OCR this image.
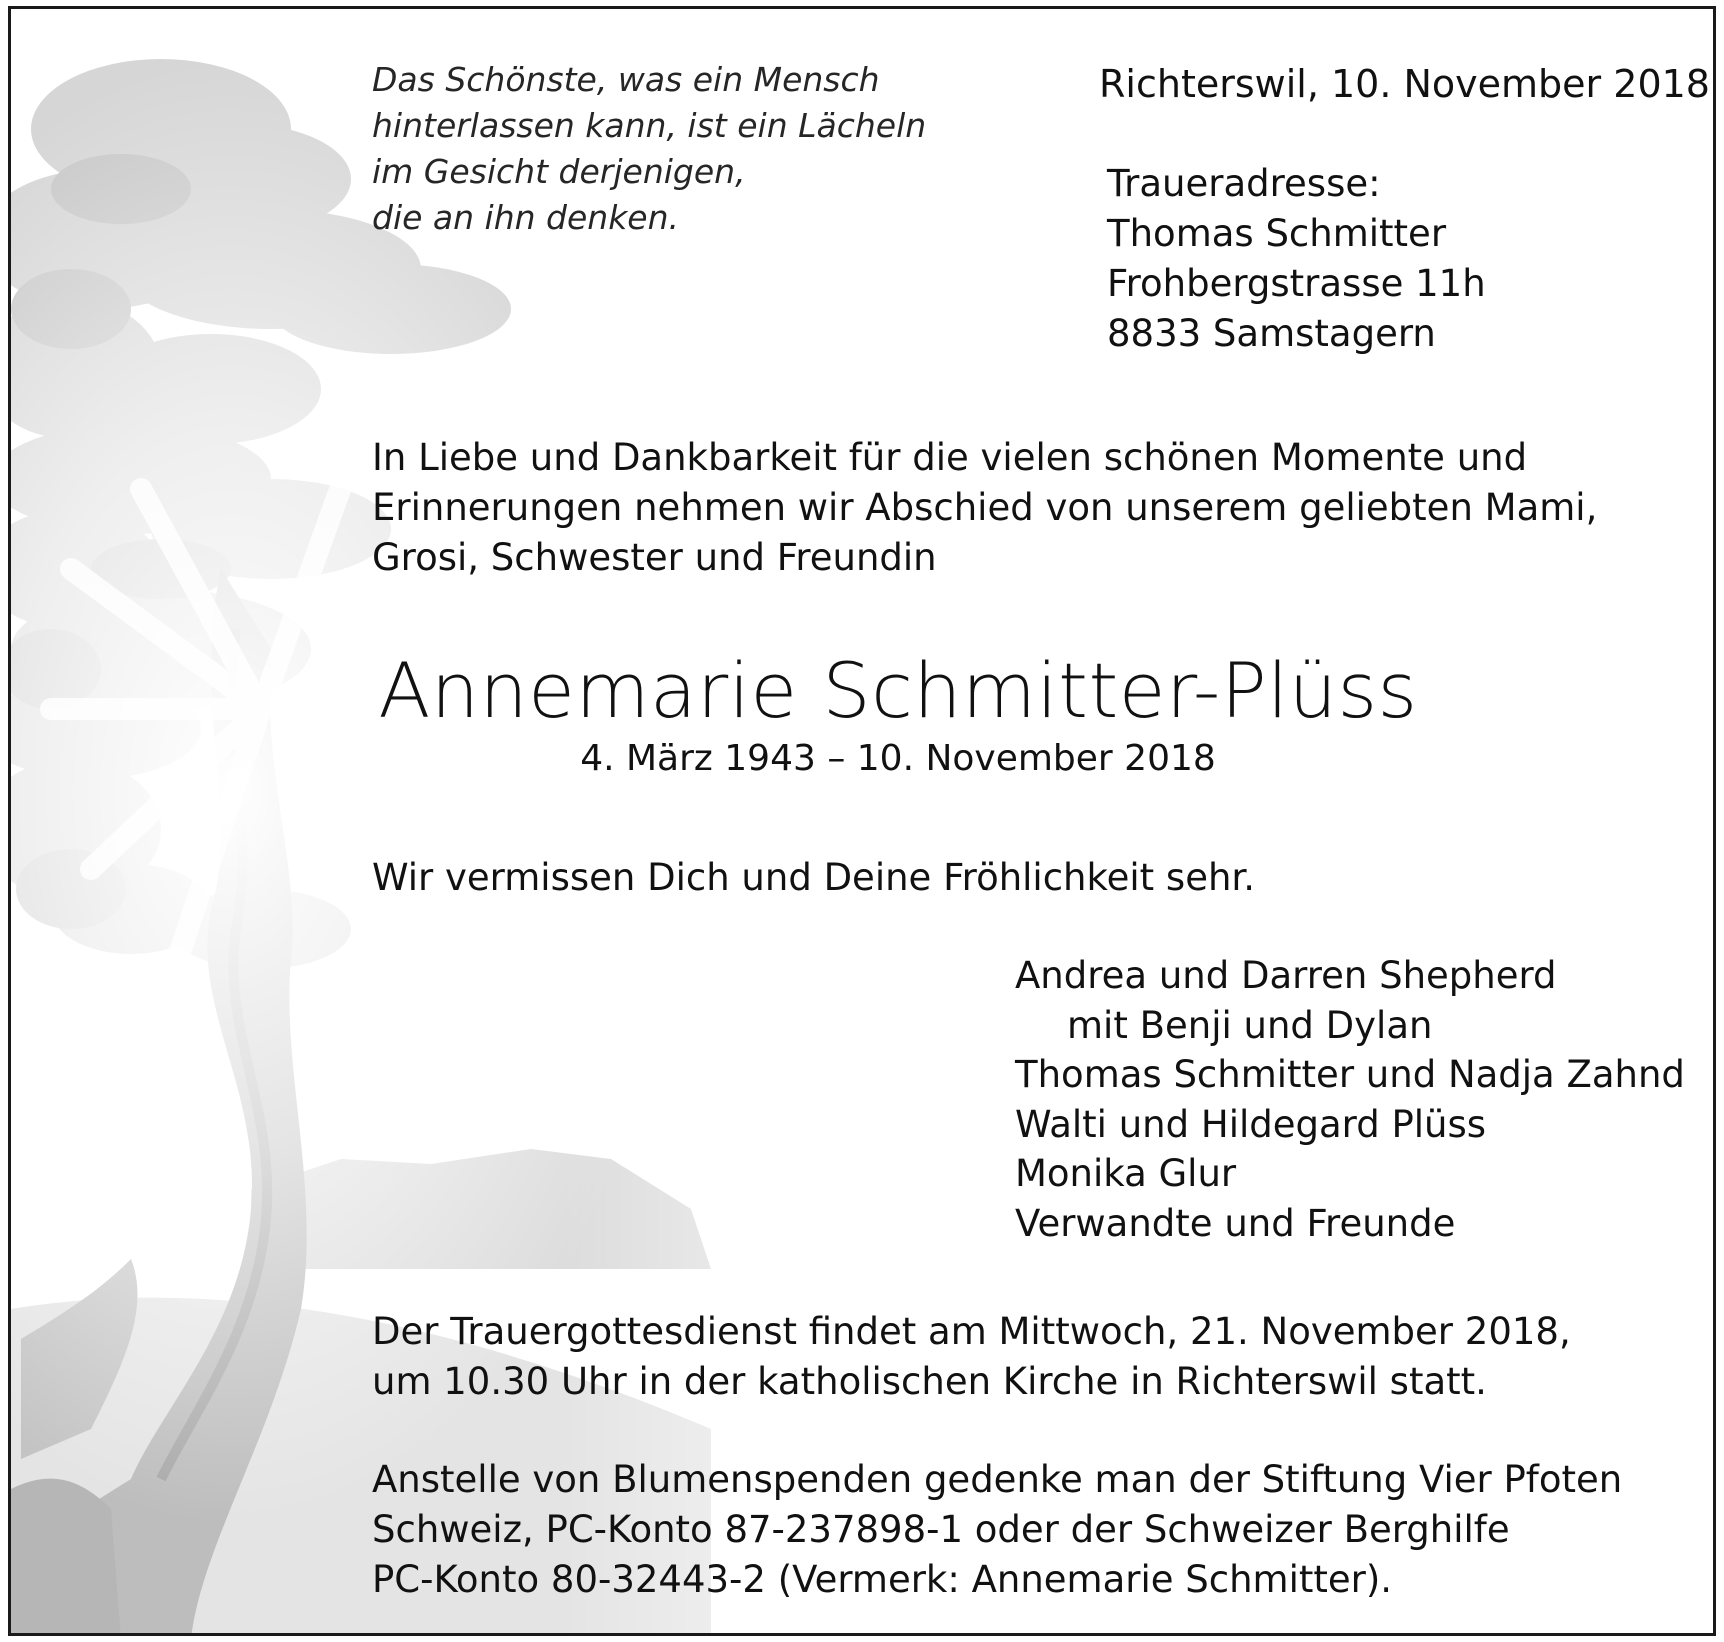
Das Schönste, was ein Mensch
hinterlassen kann, ist ein Lächeln
im Gesicht derjenigen,
die an ihn denken.
Richterswil, 10. November 2018
Traueradresse:
Thomas Schmitter
Frohbergstrasse 11h
8833 Samstagern
In Liebe und Dankbarkeit für die vielen schönen Momente und
Erinnerungen nehmen wir Abschied von unserem geliebten Mami,
Grosi, Schwester und Freundin
Annemarie Schmitter-Plüss
4. März 1943 – 10. November 2018
Wir vermissen Dich und Deine Fröhlichkeit sehr.
Andrea und Darren Shepherd
mit Benji und Dylan
Thomas Schmitter und Nadja Zahnd
Walti und Hildegard Plüss
Monika Glur
Verwandte und Freunde
Der Trauergottesdienst findet am Mittwoch, 21. November 2018,
um 10.30 Uhr in der katholischen Kirche in Richterswil statt.
Anstelle von Blumenspenden gedenke man der Stiftung Vier Pfoten
Schweiz, PC-Konto 87-237898-1 oder der Schweizer Berghilfe
PC-Konto 80-32443-2 (Vermerk: Annemarie Schmitter).
